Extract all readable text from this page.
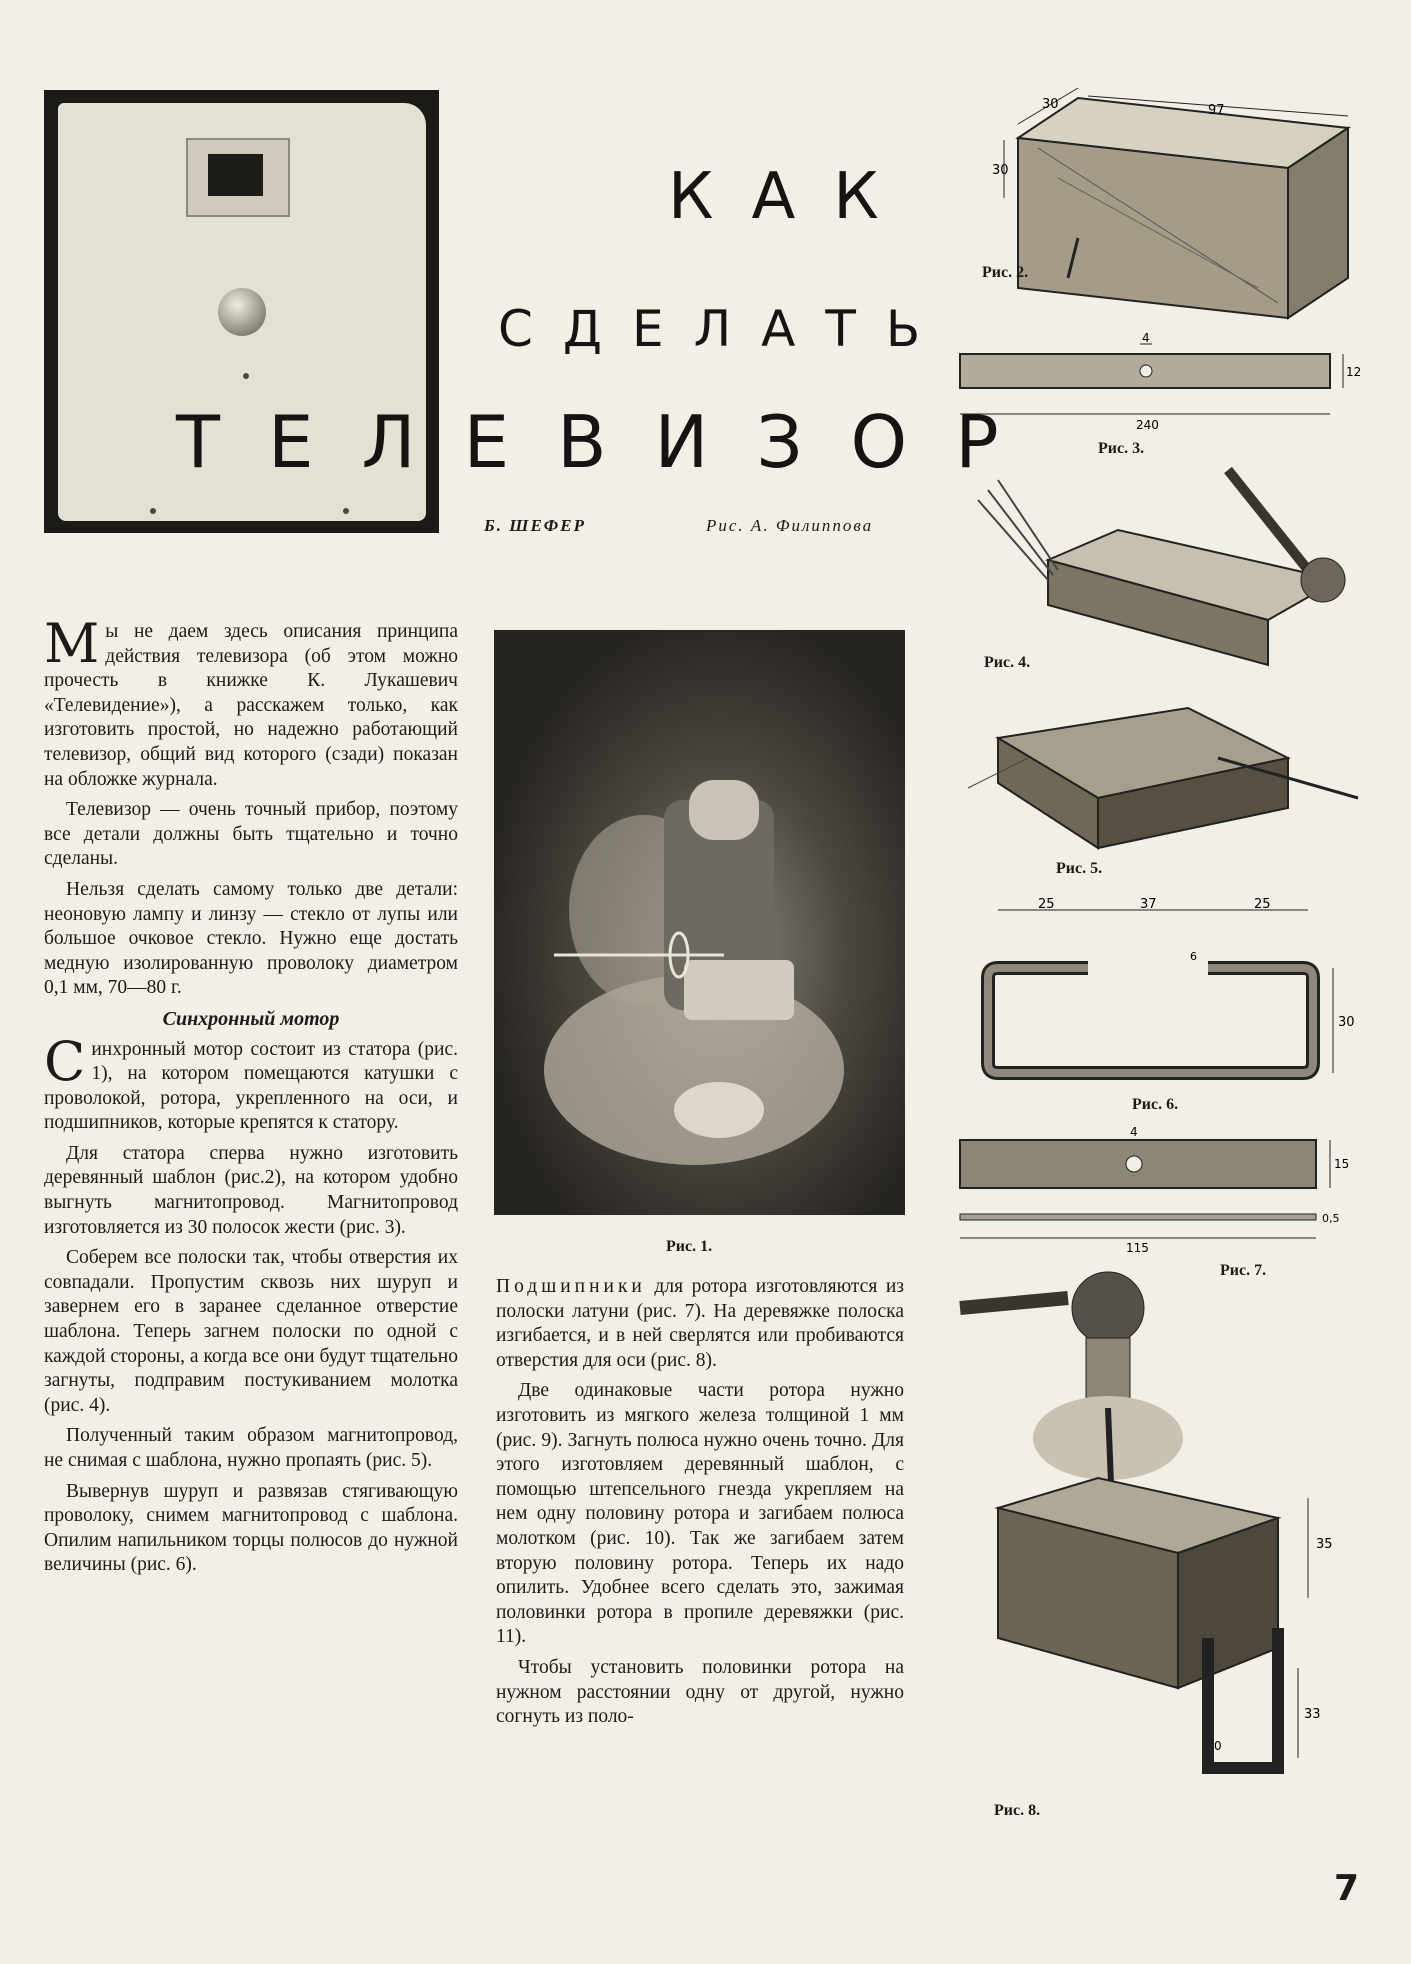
КАК
СДЕЛАТЬ
ТЕЛЕВИЗОР
Б. ШЕФЕР	Рис. А. Филиппова

Мы не даем здесь описания принципа действия телевизора (об этом можно прочесть в книжке К. Лукашевич «Телевидение»), а расскажем только, как изготовить простой, но надежно работающий телевизор, общий вид которого (сзади) показан на обложке журнала.

Телевизор — очень точный прибор, поэтому все детали должны быть тщательно и точно сделаны.

Нельзя сделать самому только две детали: неоновую лампу и линзу — стекло от лупы или большое очковое стекло. Нужно еще достать медную изолированную проволоку диаметром 0,1 мм, 70—80 г.

Синхронный мотор

Синхронный мотор состоит из статора (рис. 1), на котором помещаются катушки с проволокой, ротора, укрепленного на оси, и подшипников, которые крепятся к статору.

Для статора сперва нужно изготовить деревянный шаблон (рис.2), на котором удобно выгнуть магнитопровод. Магнитопровод изготовляется из 30 полосок жести (рис. 3).

Соберем все полоски так, чтобы отверстия их совпадали. Пропустим сквозь них шуруп и завернем его в заранее сделанное отверстие шаблона. Теперь загнем полоски по одной с каждой стороны, а когда все они будут тщательно загнуты, подправим постукиванием молотка (рис. 4).

Полученный таким образом магнитопровод, не снимая с шаблона, нужно пропаять (рис. 5).

Вывернув шуруп и развязав стягивающую проволоку, снимем магнитопровод с шаблона. Опилим напильником торцы полюсов до нужной величины (рис. 6).

Рис. 1.

Подшипники для ротора изготовляются из полоски латуни (рис. 7). На деревяжке полоска изгибается, и в ней сверлятся или пробиваются отверстия для оси (рис. 8).

Две одинаковые части ротора нужно изготовить из мягкого железа толщиной 1 мм (рис. 9). Загнуть полюса нужно очень точно. Для этого изготовляем деревянный шаблон, с помощью штепсельного гнезда укрепляем на нем одну половину ротора и загибаем полюса молотком (рис. 10). Так же загибаем затем вторую половину ротора. Теперь их надо опилить. Удобнее всего сделать это, зажимая половинки ротора в пропиле деревяжки (рис. 11).

Чтобы установить половинки ротора на нужном расстоянии одну от другой, нужно согнуть из поло-

30	97
30
Рис. 2.
4
12
240
Рис. 3.
Рис. 4.
Рис. 5.
25	37	25
6
30
Рис. 6.
4
15
115
0,5
Рис. 7.
35
33
0
Рис. 8.
7
